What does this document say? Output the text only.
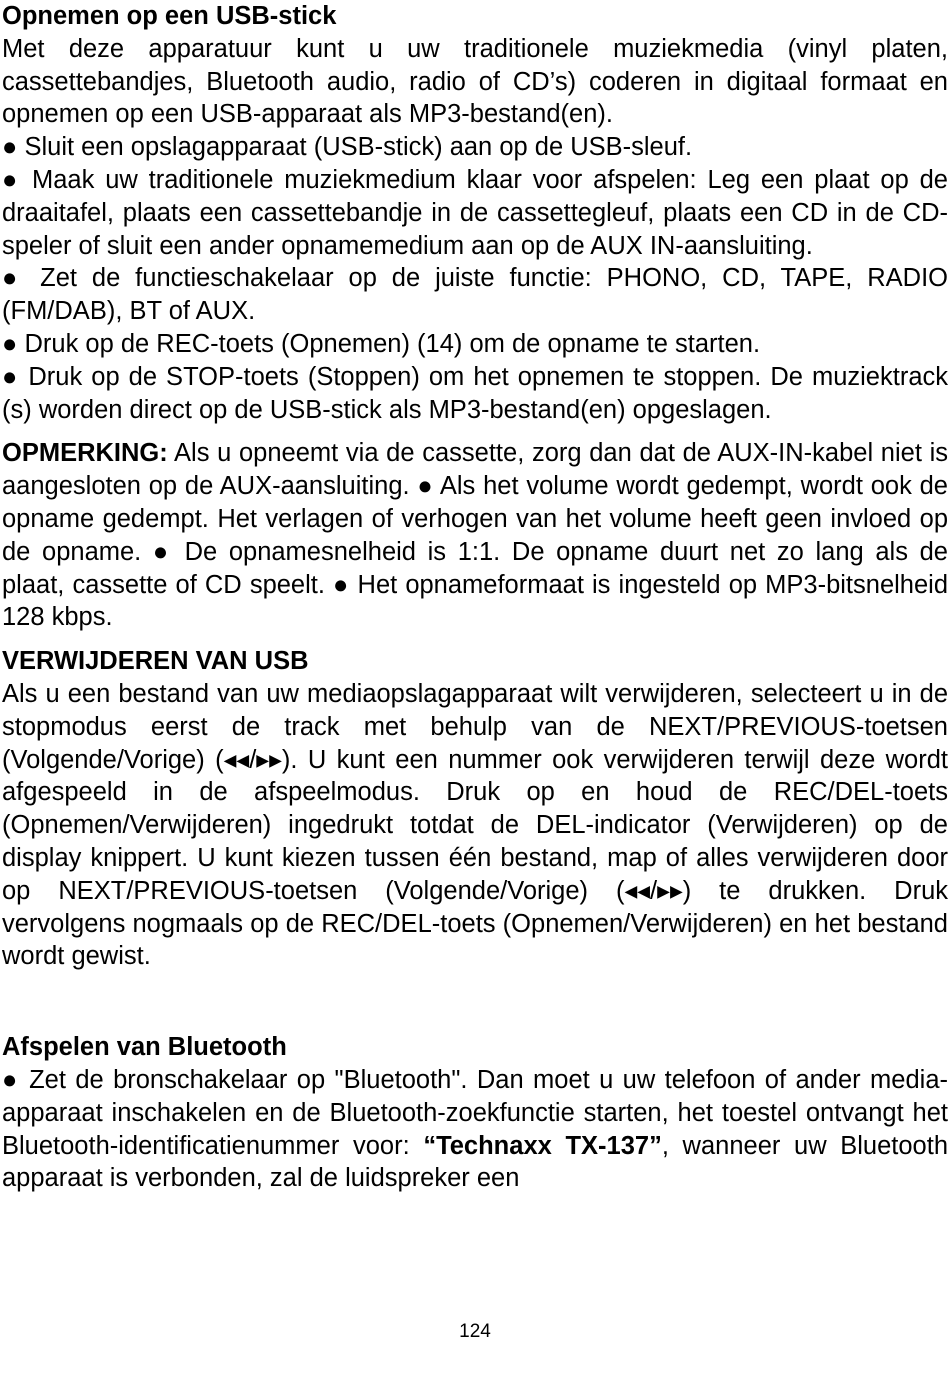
Opnemen op een USB-stick

Met deze apparatuur kunt u uw traditionele muziekmedia (vinyl platen, cassettebandjes, Bluetooth audio, radio of CD’s) coderen in digitaal formaat en opnemen op een USB-apparaat als MP3-bestand(en).

● Sluit een opslagapparaat (USB-stick) aan op de USB-sleuf.

● Maak uw traditionele muziekmedium klaar voor afspelen: Leg een plaat op de draaitafel, plaats een cassettebandje in de cassettegleuf, plaats een CD in de CD-speler of sluit een ander opnamemedium aan op de AUX IN-aansluiting.

● Zet de functieschakelaar op de juiste functie: PHONO, CD, TAPE, RADIO (FM/DAB), BT of AUX.

● Druk op de REC-toets (Opnemen) (14) om de opname te starten.

● Druk op de STOP-toets (Stoppen) om het opnemen te stoppen. De muziektrack (s) worden direct op de USB-stick als MP3-bestand(en) opgeslagen.

OPMERKING: Als u opneemt via de cassette, zorg dan dat de AUX-IN-kabel niet is aangesloten op de AUX-aansluiting. ● Als het volume wordt gedempt, wordt ook de opname gedempt. Het verlagen of verhogen van het volume heeft geen invloed op de opname. ● De opnamesnelheid is 1:1. De opname duurt net zo lang als de plaat, cassette of CD speelt. ● Het opnameformaat is ingesteld op MP3-bitsnelheid 128 kbps.

VERWIJDEREN VAN USB

Als u een bestand van uw mediaopslagapparaat wilt verwijderen, selecteert u in de stopmodus eerst de track met behulp van de NEXT/PREVIOUS-toetsen (Volgende/Vorige) (◂◂/▸▸). U kunt een nummer ook verwijderen terwijl deze wordt afgespeeld in de afspeelmodus. Druk op en houd de REC/DEL-toets (Opnemen/Verwijderen) ingedrukt totdat de DEL-indicator (Verwijderen) op de display knippert. U kunt kiezen tussen één bestand, map of alles verwijderen door op NEXT/PREVIOUS-toetsen (Volgende/Vorige) (◂◂/▸▸) te drukken. Druk vervolgens nogmaals op de REC/DEL-toets (Opnemen/Verwijderen) en het bestand wordt gewist.

Afspelen van Bluetooth

● Zet de bronschakelaar op "Bluetooth". Dan moet u uw telefoon of ander media-apparaat inschakelen en de Bluetooth-zoekfunctie starten, het toestel ontvangt het Bluetooth-identificatienummer voor: “Technaxx TX-137”, wanneer uw Bluetooth apparaat is verbonden, zal de luidspreker een

124
